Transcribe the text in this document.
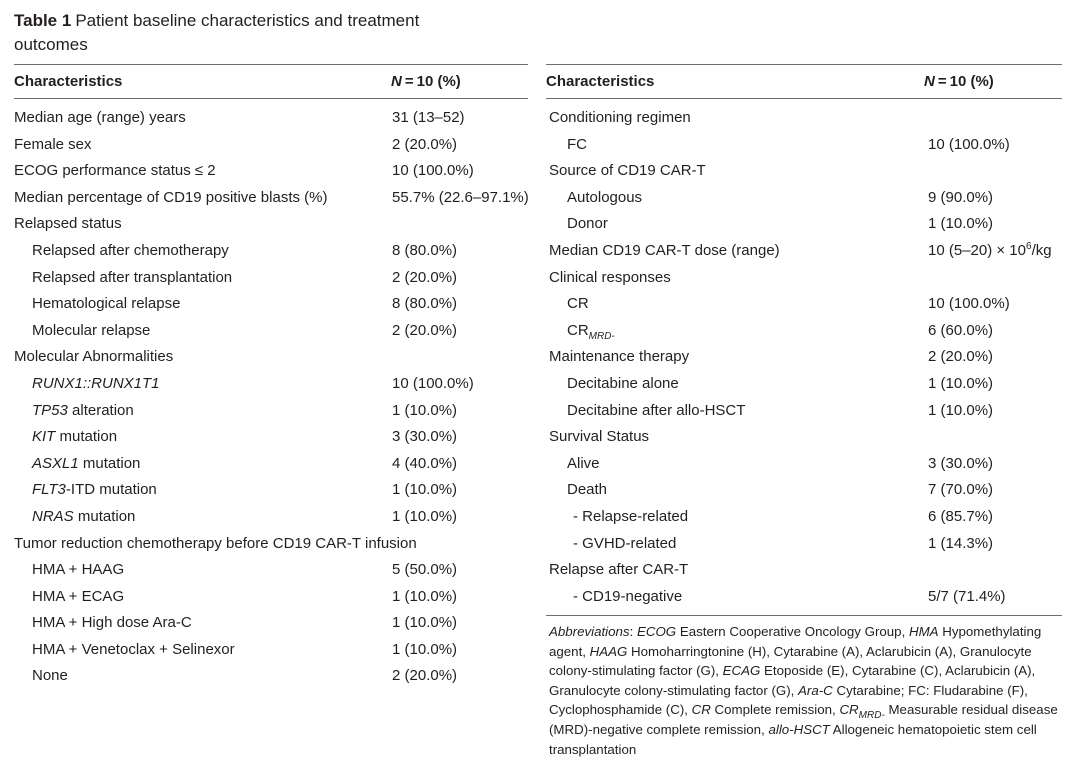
Table 1 Patient baseline characteristics and treatment outcomes
Characteristics	N = 10 (%)
Median age (range) years	31 (13–52)
Female sex	2 (20.0%)
ECOG performance status ≤ 2	10 (100.0%)
Median percentage of CD19 positive blasts (%)	55.7% (22.6–97.1%)
Relapsed status
Relapsed after chemotherapy	8 (80.0%)
Relapsed after transplantation	2 (20.0%)
Hematological relapse	8 (80.0%)
Molecular relapse	2 (20.0%)
Molecular Abnormalities
RUNX1::RUNX1T1	10 (100.0%)
TP53 alteration	1 (10.0%)
KIT mutation	3 (30.0%)
ASXL1 mutation	4 (40.0%)
FLT3-ITD mutation	1 (10.0%)
NRAS mutation	1 (10.0%)
Tumor reduction chemotherapy before CD19 CAR-T infusion
HMA + HAAG	5 (50.0%)
HMA + ECAG	1 (10.0%)
HMA + High dose Ara-C	1 (10.0%)
HMA + Venetoclax + Selinexor	1 (10.0%)
None	2 (20.0%)
Characteristics	N = 10 (%)
Conditioning regimen
FC	10 (100.0%)
Source of CD19 CAR-T
Autologous	9 (90.0%)
Donor	1 (10.0%)
Median CD19 CAR-T dose (range)	10 $(5-20) \times 10^6/kg$
Clinical responses
CR	10 (100.0%)
$CR_{MRD-}$	6 (60.0%)
Maintenance therapy	2 (20.0%)
Decitabine alone	1 (10.0%)
Decitabine after allo-HSCT	1 (10.0%)
Survival Status
Alive	3 (30.0%)
Death	7 (70.0%)
- Relapse-related	6 (85.7%)
- GVHD-related	1 (14.3%)
Relapse after CAR-T
- CD19-negative	5/7 (71.4%)
Abbreviations: ECOG Eastern Cooperative Oncology Group, HMA Hypomethylating agent, HAAG Homoharringtonine (H), Cytarabine (A), Aclarubicin (A), Granulocyte colony-stimulating factor (G), ECAG Etoposide (E), Cytarabine (C), Aclarubicin (A), Granulocyte colony-stimulating factor (G), Ara-C Cytarabine; FC: Fludarabine (F), Cyclophosphamide (C), CR Complete remission, $CR_{MRD-}$ Measurable residual disease (MRD)-negative complete remission, allo-HSCT Allogeneic hematopoietic stem cell transplantation
